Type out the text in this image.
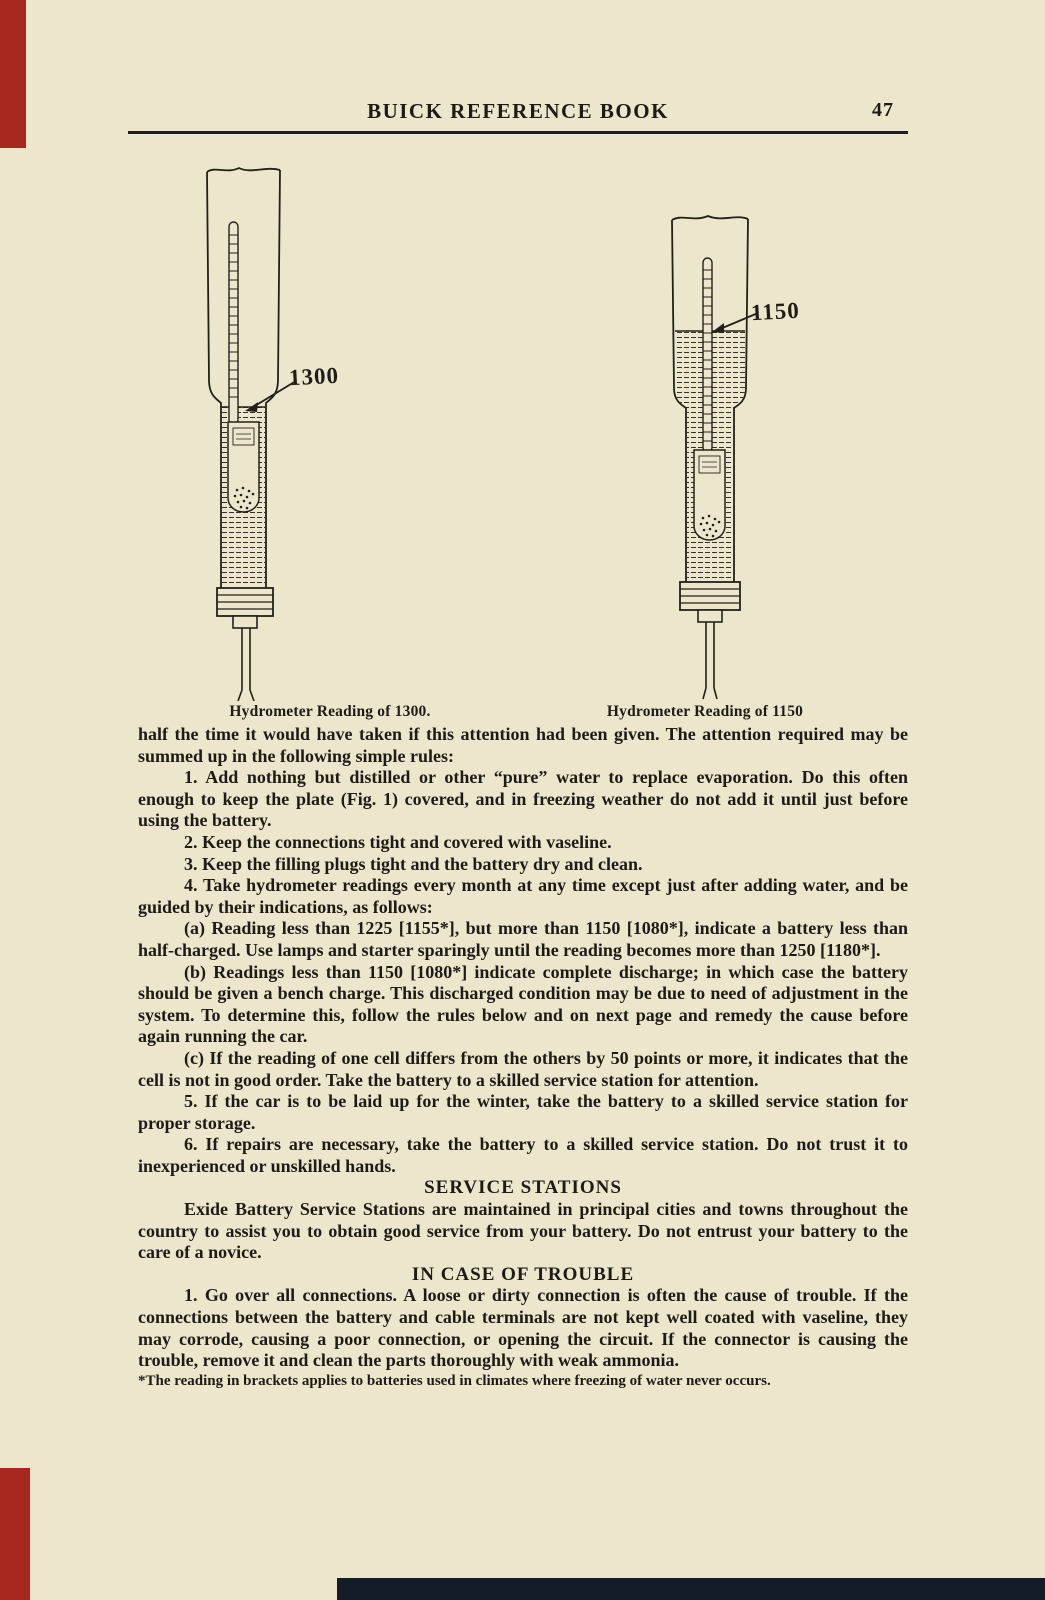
BUICK REFERENCE BOOK	47
1300
1150
Hydrometer Reading of 1300.	Hydrometer Reading of 1150

half the time it would have taken if this attention had been given. The attention required may be summed up in the following simple rules:

1. Add nothing but distilled or other “pure” water to replace evaporation. Do this often enough to keep the plate (Fig. 1) covered, and in freezing weather do not add it until just before using the battery.

2. Keep the connections tight and covered with vaseline.

3. Keep the filling plugs tight and the battery dry and clean.

4. Take hydrometer readings every month at any time except just after adding water, and be guided by their indications, as follows:

(a) Reading less than 1225 [1155*], but more than 1150 [1080*], indicate a battery less than half-charged. Use lamps and starter sparingly until the reading becomes more than 1250 [1180*].

(b) Readings less than 1150 [1080*] indicate complete discharge; in which case the battery should be given a bench charge. This discharged condition may be due to need of adjustment in the system. To determine this, follow the rules below and on next page and remedy the cause before again running the car.

(c) If the reading of one cell differs from the others by 50 points or more, it indicates that the cell is not in good order. Take the battery to a skilled service station for attention.

5. If the car is to be laid up for the winter, take the battery to a skilled service station for proper storage.

6. If repairs are necessary, take the battery to a skilled service station. Do not trust it to inexperienced or unskilled hands.

SERVICE STATIONS

Exide Battery Service Stations are maintained in principal cities and towns throughout the country to assist you to obtain good service from your battery. Do not entrust your battery to the care of a novice.

IN CASE OF TROUBLE

1. Go over all connections. A loose or dirty connection is often the cause of trouble. If the connections between the battery and cable terminals are not kept well coated with vaseline, they may corrode, causing a poor connection, or opening the circuit. If the connector is causing the trouble, remove it and clean the parts thoroughly with weak ammonia.

*The reading in brackets applies to batteries used in climates where freezing of water never occurs.
